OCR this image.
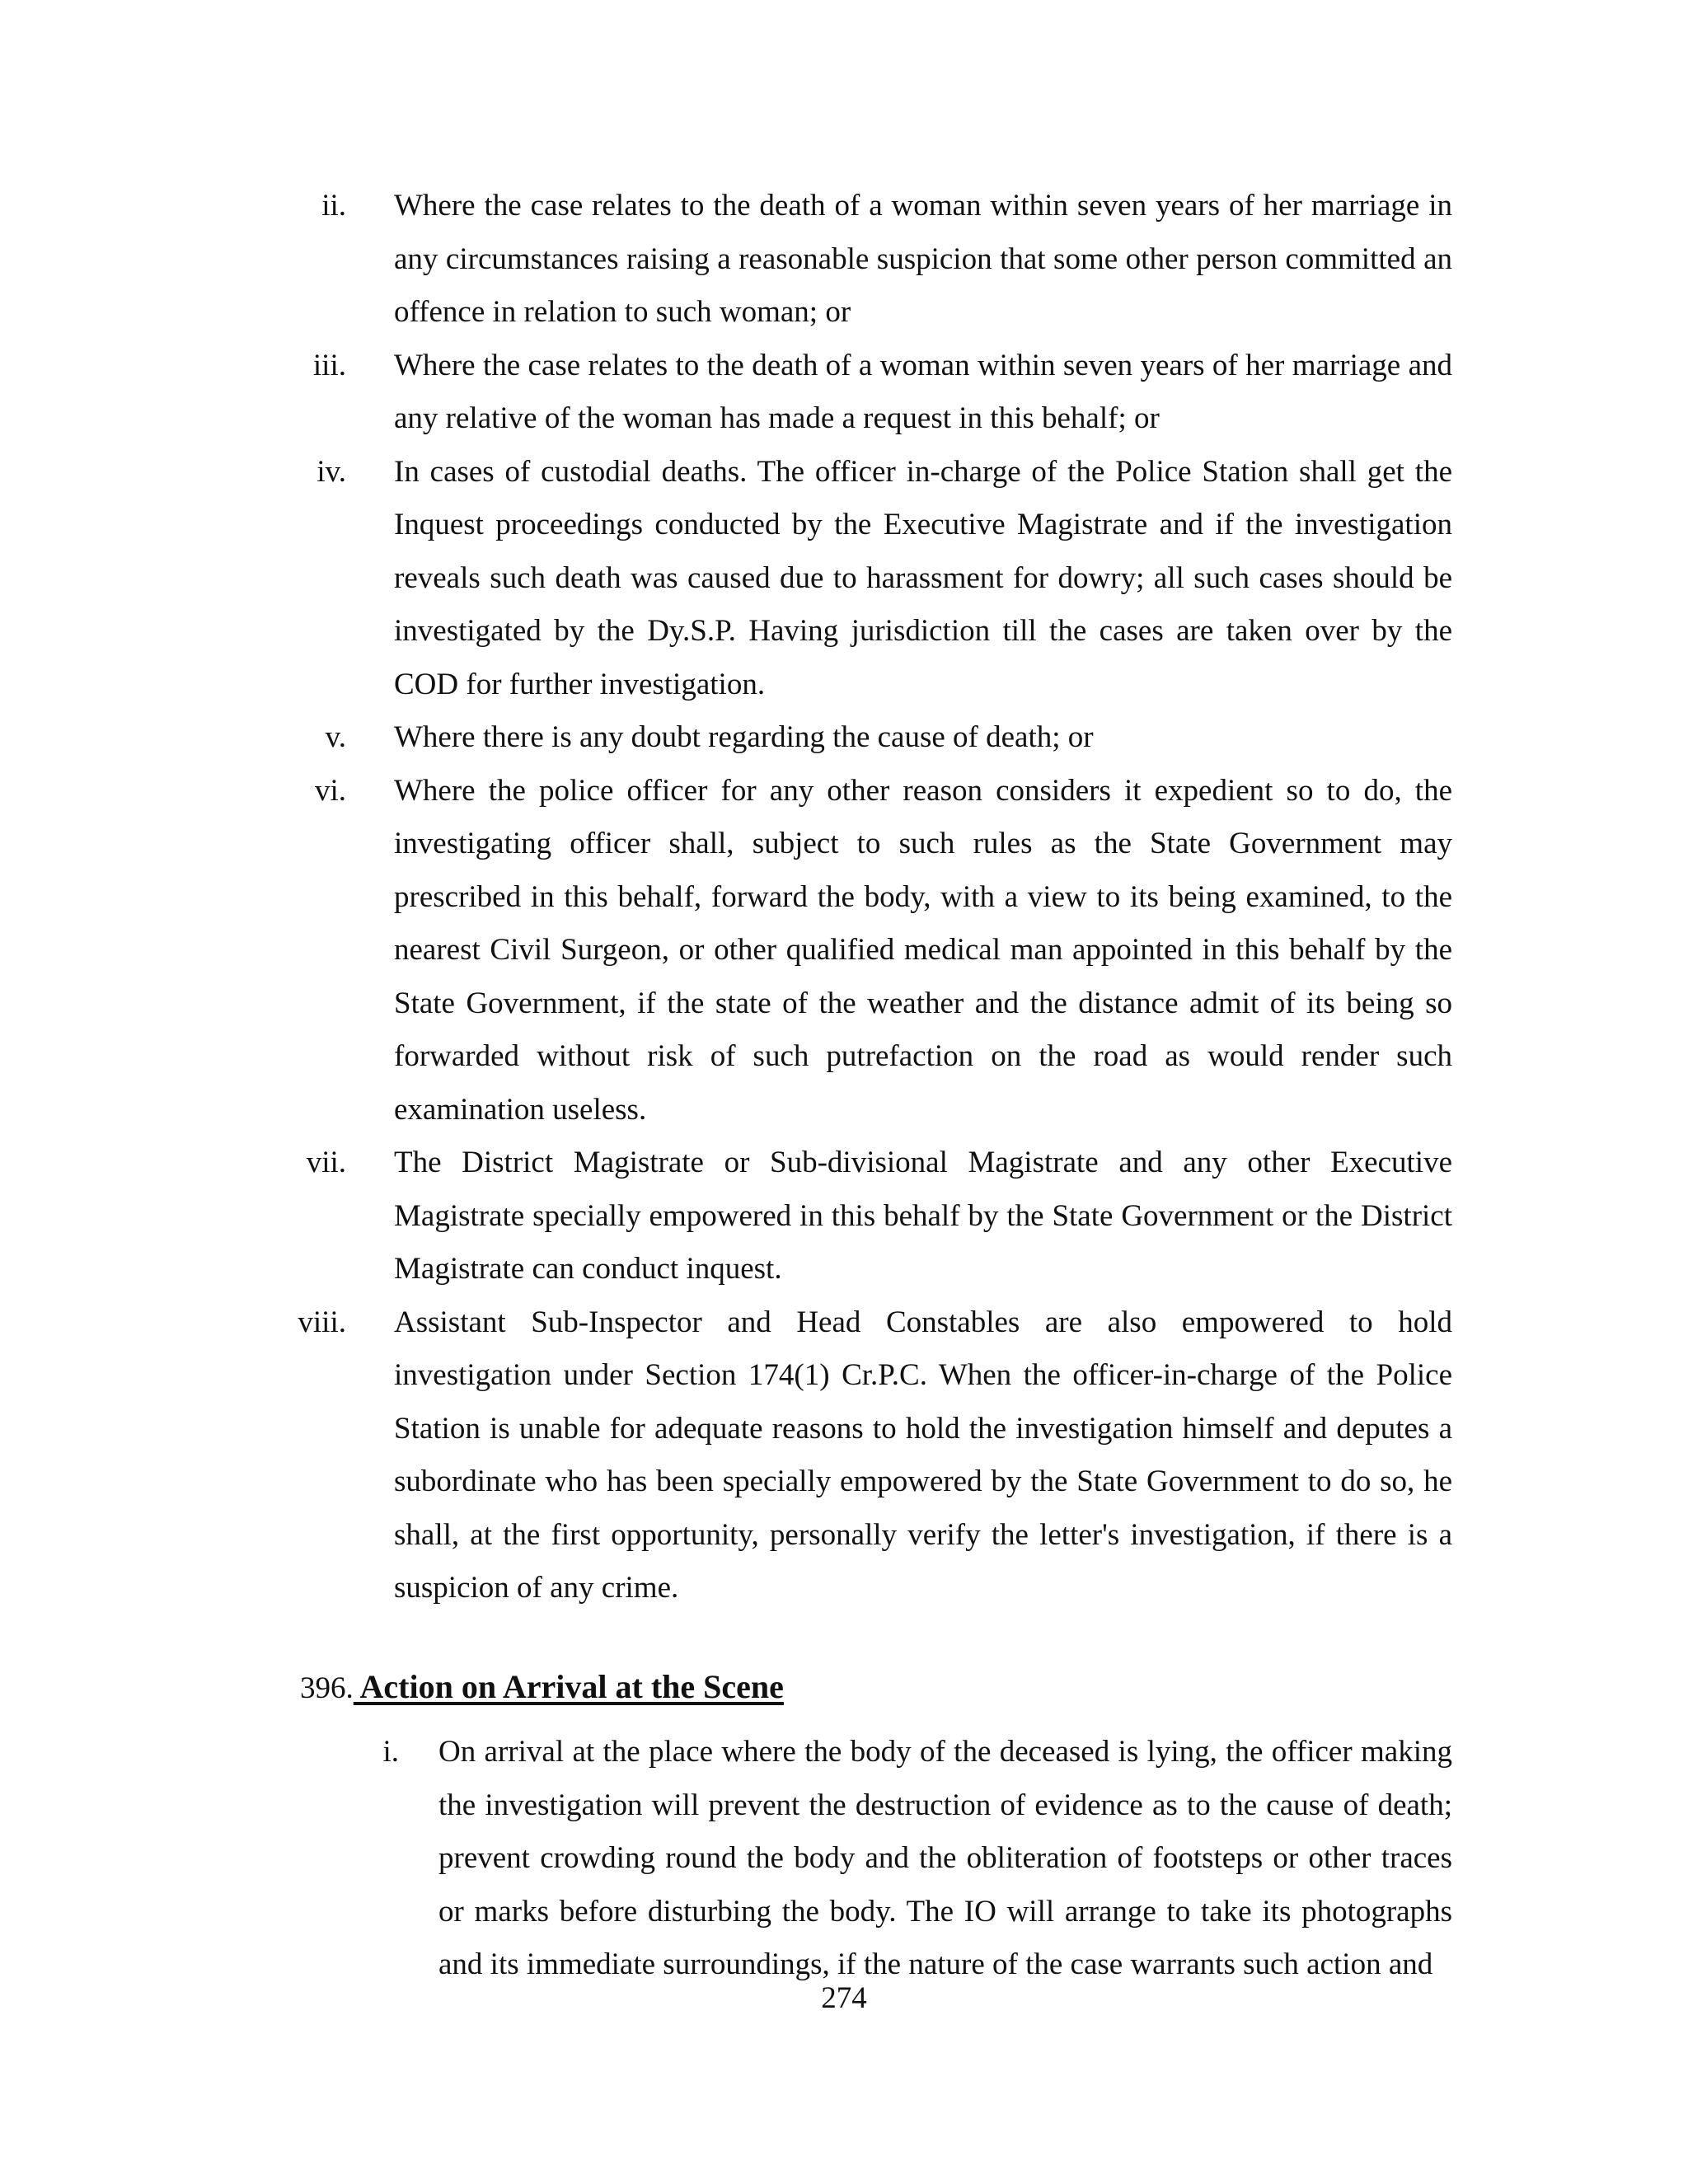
ii. Where the case relates to the death of a woman within seven years of her marriage in any circumstances raising a reasonable suspicion that some other person committed an offence in relation to such woman; or
iii. Where the case relates to the death of a woman within seven years of her marriage and any relative of the woman has made a request in this behalf; or
iv. In cases of custodial deaths. The officer in-charge of the Police Station shall get the Inquest proceedings conducted by the Executive Magistrate and if the investigation reveals such death was caused due to harassment for dowry; all such cases should be investigated by the Dy.S.P. Having jurisdiction till the cases are taken over by the COD for further investigation.
v. Where there is any doubt regarding the cause of death; or
vi. Where the police officer for any other reason considers it expedient so to do, the investigating officer shall, subject to such rules as the State Government may prescribed in this behalf, forward the body, with a view to its being examined, to the nearest Civil Surgeon, or other qualified medical man appointed in this behalf by the State Government, if the state of the weather and the distance admit of its being so forwarded without risk of such putrefaction on the road as would render such examination useless.
vii. The District Magistrate or Sub-divisional Magistrate and any other Executive Magistrate specially empowered in this behalf by the State Government or the District Magistrate can conduct inquest.
viii. Assistant Sub-Inspector and Head Constables are also empowered to hold investigation under Section 174(1) Cr.P.C. When the officer-in-charge of the Police Station is unable for adequate reasons to hold the investigation himself and deputes a subordinate who has been specially empowered by the State Government to do so, he shall, at the first opportunity, personally verify the letter's investigation, if there is a suspicion of any crime.
396. Action on Arrival at the Scene
i. On arrival at the place where the body of the deceased is lying, the officer making the investigation will prevent the destruction of evidence as to the cause of death; prevent crowding round the body and the obliteration of footsteps or other traces or marks before disturbing the body. The IO will arrange to take its photographs and its immediate surroundings, if the nature of the case warrants such action and
274
